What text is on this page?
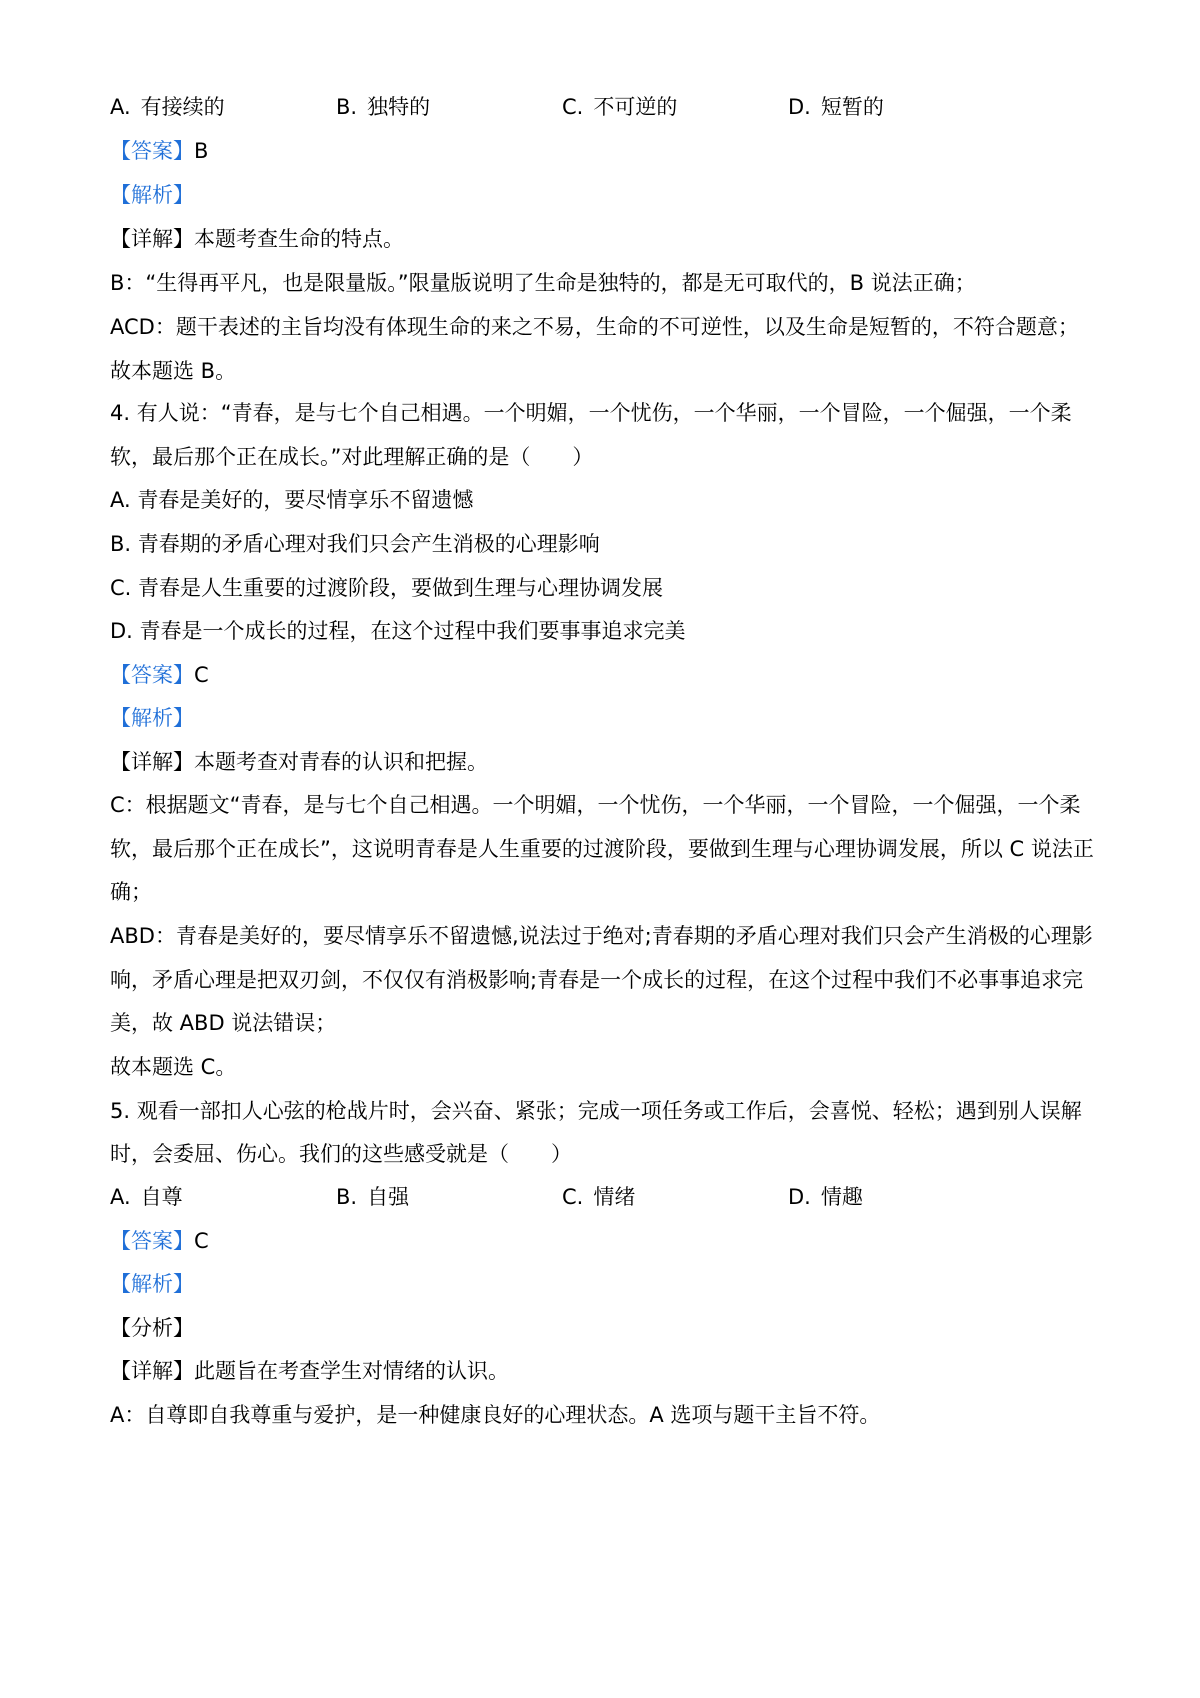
A. 有接续的	B. 独特的	C. 不可逆的	D. 短暂的
【答案】B
【解析】
【详解】本题考查生命的特点。
B：“生得再平凡，也是限量版。”限量版说明了生命是独特的，都是无可取代的，B 说法正确；
ACD：题干表述的主旨均没有体现生命的来之不易，生命的不可逆性，以及生命是短暂的，不符合题意；
故本题选 B。
4. 有人说：“青春，是与七个自己相遇。一个明媚，一个忧伤，一个华丽，一个冒险，一个倔强，一个柔
软，最后那个正在成长。”对此理解正确的是（　　）
A. 青春是美好的，要尽情享乐不留遗憾
B. 青春期的矛盾心理对我们只会产生消极的心理影响
C. 青春是人生重要的过渡阶段，要做到生理与心理协调发展
D. 青春是一个成长的过程，在这个过程中我们要事事追求完美
【答案】C
【解析】
【详解】本题考查对青春的认识和把握。
C：根据题文“青春，是与七个自己相遇。一个明媚，一个忧伤，一个华丽，一个冒险，一个倔强，一个柔
软，最后那个正在成长”，这说明青春是人生重要的过渡阶段，要做到生理与心理协调发展，所以 C 说法正
确；
ABD：青春是美好的，要尽情享乐不留遗憾,说法过于绝对;青春期的矛盾心理对我们只会产生消极的心理影
响，矛盾心理是把双刃剑，不仅仅有消极影响;青春是一个成长的过程，在这个过程中我们不必事事追求完
美，故 ABD 说法错误；
故本题选 C。
5. 观看一部扣人心弦的枪战片时，会兴奋、紧张；完成一项任务或工作后，会喜悦、轻松；遇到别人误解
时，会委屈、伤心。我们的这些感受就是（　　）
A. 自尊	B. 自强	C. 情绪	D. 情趣
【答案】C
【解析】
【分析】
【详解】此题旨在考查学生对情绪的认识。
A：自尊即自我尊重与爱护，是一种健康良好的心理状态。A 选项与题干主旨不符。
